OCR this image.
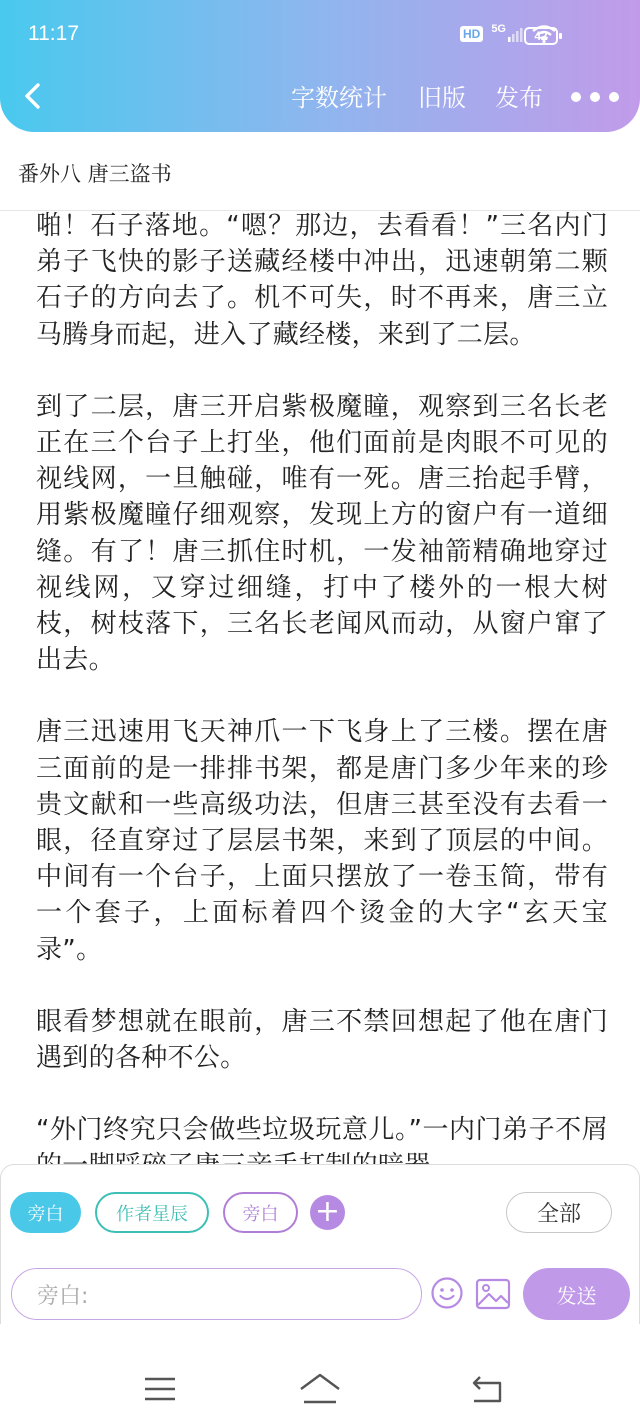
11:17	HD 5G	42
字数统计 旧版 发布
番外八 唐三盗书

啪！石子落地。“嗯？那边，去看看！”三名内门弟子飞快的影子送藏经楼中冲出，迅速朝第二颗石子的方向去了。机不可失，时不再来，唐三立马腾身而起，进入了藏经楼，来到了二层。

到了二层，唐三开启紫极魔瞳，观察到三名长老正在三个台子上打坐，他们面前是肉眼不可见的视线网，一旦触碰，唯有一死。唐三抬起手臂，用紫极魔瞳仔细观察，发现上方的窗户有一道细缝。有了！唐三抓住时机，一发袖箭精确地穿过视线网，又穿过细缝，打中了楼外的一根大树枝，树枝落下，三名长老闻风而动，从窗户窜了出去。

唐三迅速用飞天神爪一下飞身上了三楼。摆在唐三面前的是一排排书架，都是唐门多少年来的珍贵文献和一些高级功法，但唐三甚至没有去看一眼，径直穿过了层层书架，来到了顶层的中间。中间有一个台子，上面只摆放了一卷玉简，带有一个套子，上面标着四个烫金的大字“玄天宝录”。

眼看梦想就在眼前，唐三不禁回想起了他在唐门遇到的各种不公。

“外门终究只会做些垃圾玩意儿。”一内门弟子不屑

旁白	作者星辰	旁白	+	全部
旁白:	发送
